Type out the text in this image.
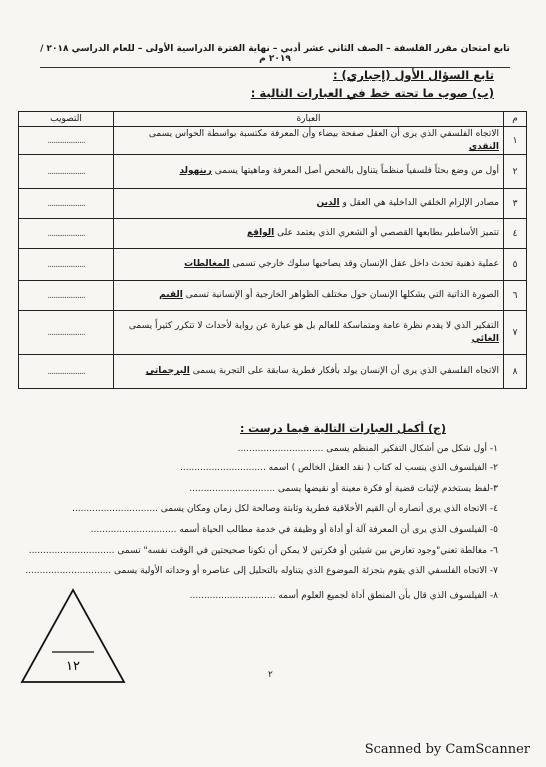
تابع امتحان مقرر الفلسفة – الصف الثاني عشر أدبي – نهاية الفترة الدراسية الأولى – للعام الدراسي ٢٠١٨ / ٢٠١٩ م
تابع السؤال الأول (إجباري) :
(ب) صوب ما تحته خط في العبارات التالية :
م	العبارة	التصويب
١	الاتجاه الفلسفي الذي يرى أن العقل صفحة بيضاء وأن المعرفة مكتسبة بواسطة الحواس يسمى النقدي	....................
٢	أول من وضع بحثاً فلسفياً منظماً يتناول بالفحص أصل المعرفة وماهيتها يسمى رينهولد	....................
٣	مصادر الإلزام الخلقي الداخلية هي العقل و الدين	....................
٤	تتميز الأساطير بطابعها القصصي أو الشعري الذي يعتمد على الواقع	....................
٥	عملية ذهنية تحدث داخل عقل الإنسان وقد يصاحبها سلوك خارجي تسمى المغالطات	....................
٦	الصورة الذاتية التي يشكلها الإنسان حول مختلف الظواهر الخارجية أو الإنسانية تسمى القيم	....................
٧	التفكير الذي لا يقدم نظرة عامة ومتماسكة للعالم بل هو عبارة عن رواية لأحداث لا تتكرر كثيراً يسمى الغائي	....................
٨	الاتجاه الفلسفي الذي يرى أن الإنسان يولد بأفكار فطرية سابقة على التجربة يسمى البرجماتي	....................
(ج) أكمل العبارات التالية فيما درست :
١- أول شكل من أشكال التفكير المنظم يسمى ..............................
٢- الفيلسوف الذي ينسب له كتاب ( نقد العقل الخالص ) اسمه ..............................
٣-لفظ يستخدم لإثبات قضية أو فكرة معينة أو نقيضها يسمى ..............................
٤- الاتجاه الذي يرى أنصاره أن القيم الأخلاقية فطرية وثابتة وصالحة لكل زمان ومكان يسمى ..............................
٥- الفيلسوف الذي يرى أن المعرفة آلة أو أداة أو وظيفة في خدمة مطالب الحياة أسمه ..............................
٦- مغالطة تعني"وجود تعارض بين شيئين أو فكرتين لا يمكن أن تكونا صحيحتين في الوقت نفسه" تسمى ..............................
٧- الاتجاه الفلسفي الذي يقوم بتجزئة الموضوع الذي يتناوله بالتحليل إلى عناصره أو وحداته الأولية يسمى ..............................
٨- الفيلسوف الذي قال بأن المنطق أداة لجميع العلوم أسمه ..............................
١٢
٢
Scanned by CamScanner
